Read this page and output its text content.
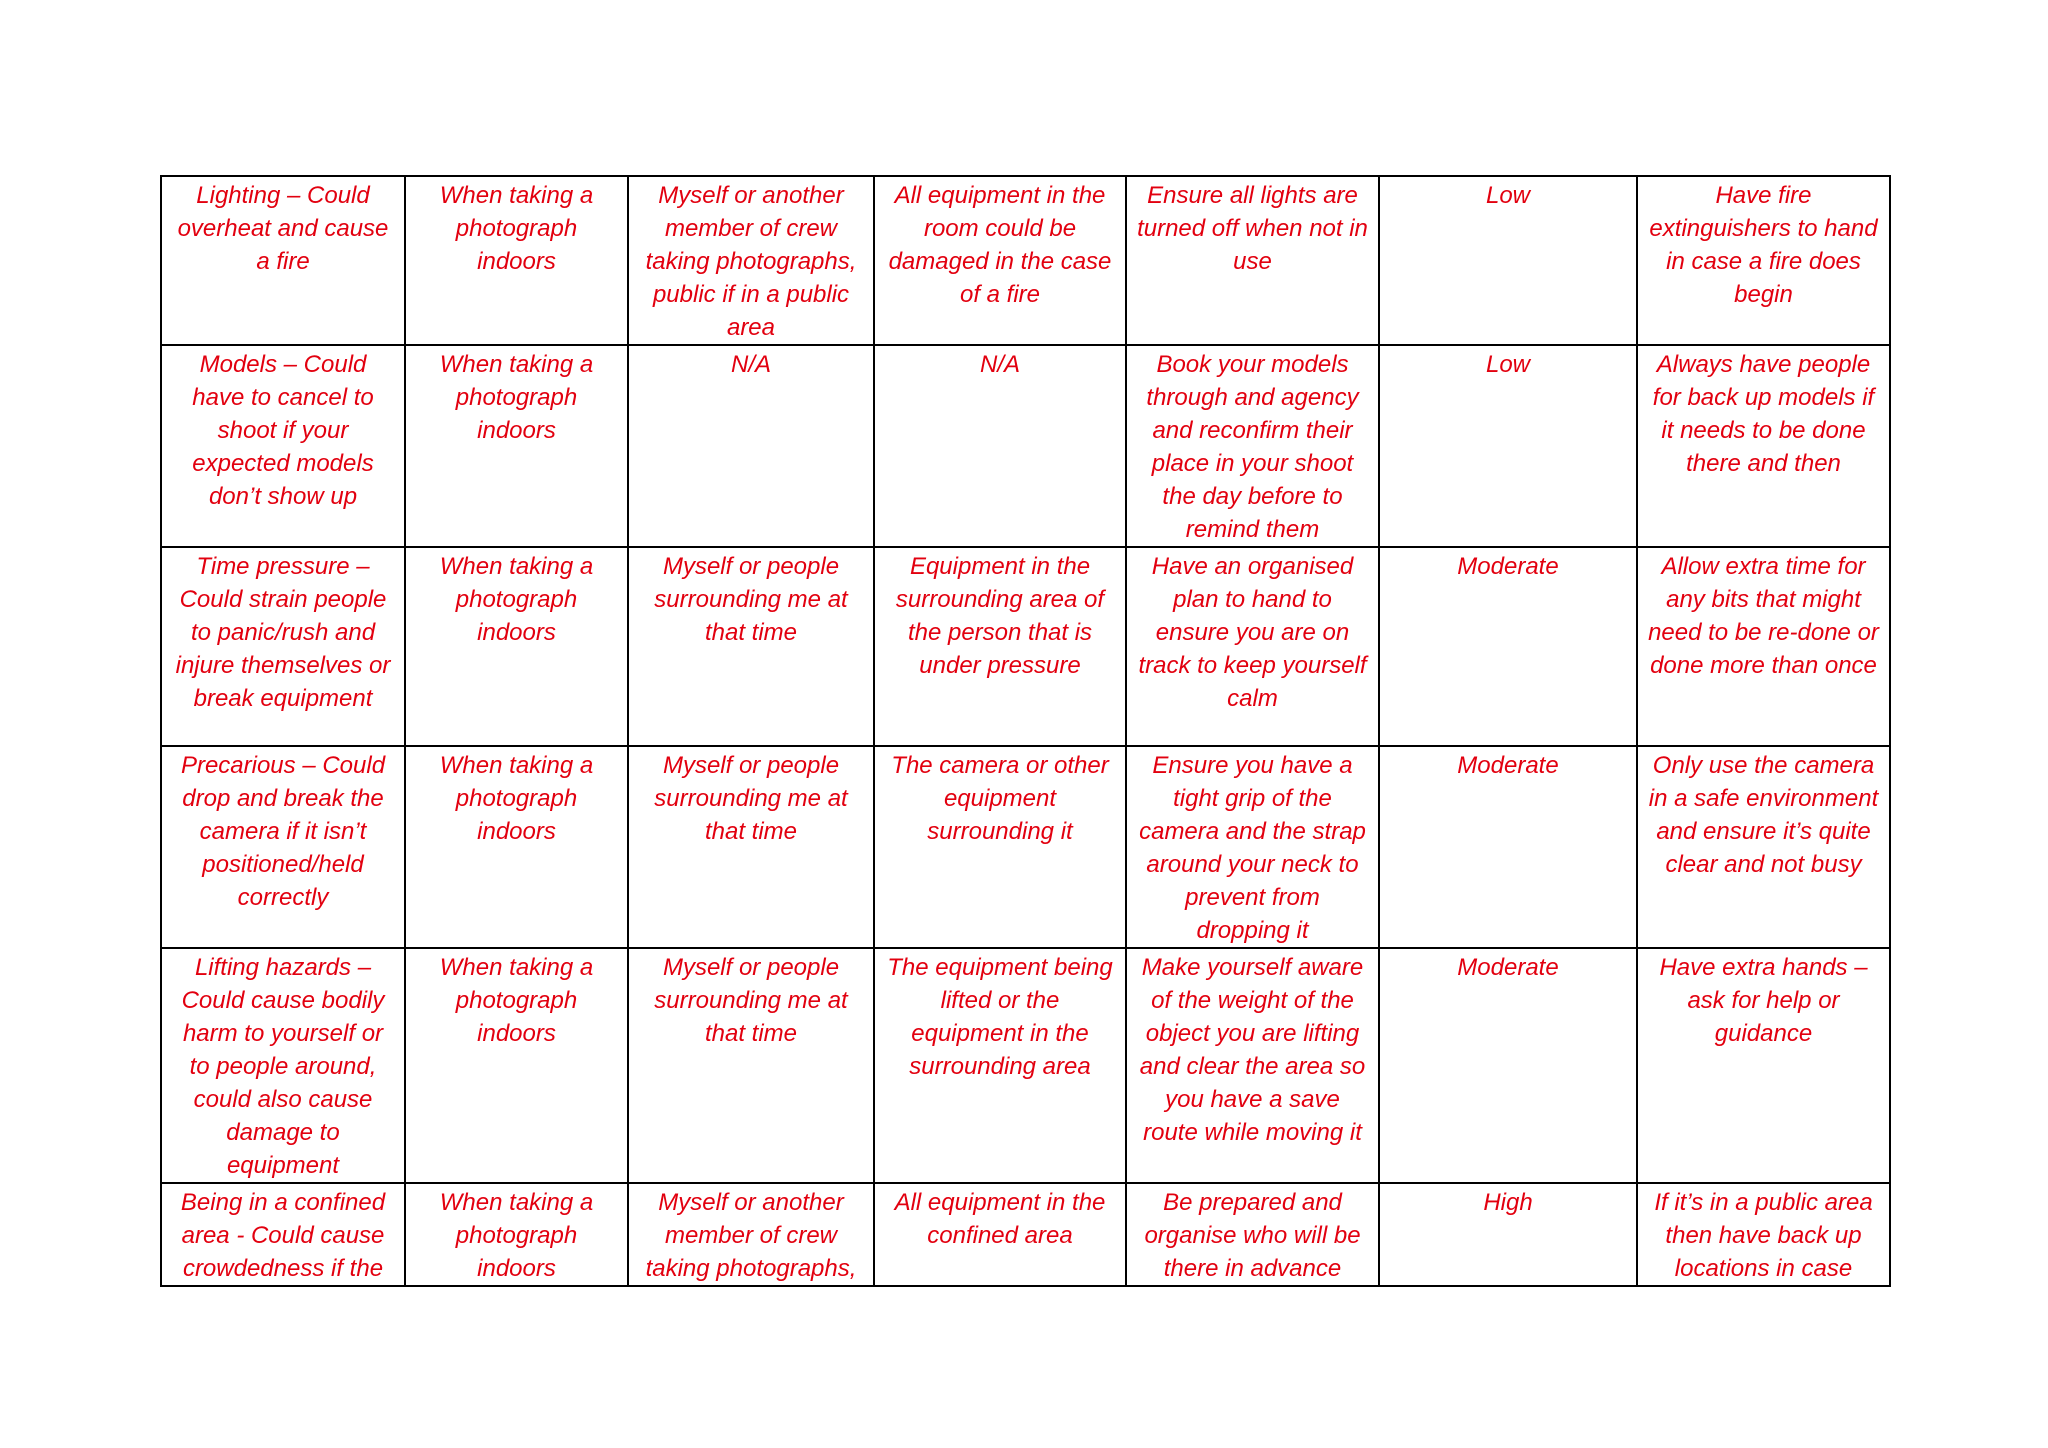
Lighting – Could overheat and cause a fire	When taking a photograph indoors	Myself or another member of crew taking photographs, public if in a public area	All equipment in the room could be damaged in the case of a fire	Ensure all lights are turned off when not in use	Low	Have fire extinguishers to hand in case a fire does begin
Models – Could have to cancel to shoot if your expected models don’t show up	When taking a photograph indoors	N/A	N/A	Book your models through and agency and reconfirm their place in your shoot the day before to remind them	Low	Always have people for back up models if it needs to be done there and then
Time pressure – Could strain people to panic/rush and injure themselves or break equipment	When taking a photograph indoors	Myself or people surrounding me at that time	Equipment in the surrounding area of the person that is under pressure	Have an organised plan to hand to ensure you are on track to keep yourself calm	Moderate	Allow extra time for any bits that might need to be re-done or done more than once
Precarious – Could drop and break the camera if it isn’t positioned/held correctly	When taking a photograph indoors	Myself or people surrounding me at that time	The camera or other equipment surrounding it	Ensure you have a tight grip of the camera and the strap around your neck to prevent from dropping it	Moderate	Only use the camera in a safe environment and ensure it’s quite clear and not busy
Lifting hazards – Could cause bodily harm to yourself or to people around, could also cause damage to equipment	When taking a photograph indoors	Myself or people surrounding me at that time	The equipment being lifted or the equipment in the surrounding area	Make yourself aware of the weight of the object you are lifting and clear the area so you have a save route while moving it	Moderate	Have extra hands – ask for help or guidance
Being in a confined area - Could cause crowdedness if the	When taking a photograph indoors	Myself or another member of crew taking photographs,	All equipment in the confined area	Be prepared and organise who will be there in advance	High	If it’s in a public area then have back up locations in case
